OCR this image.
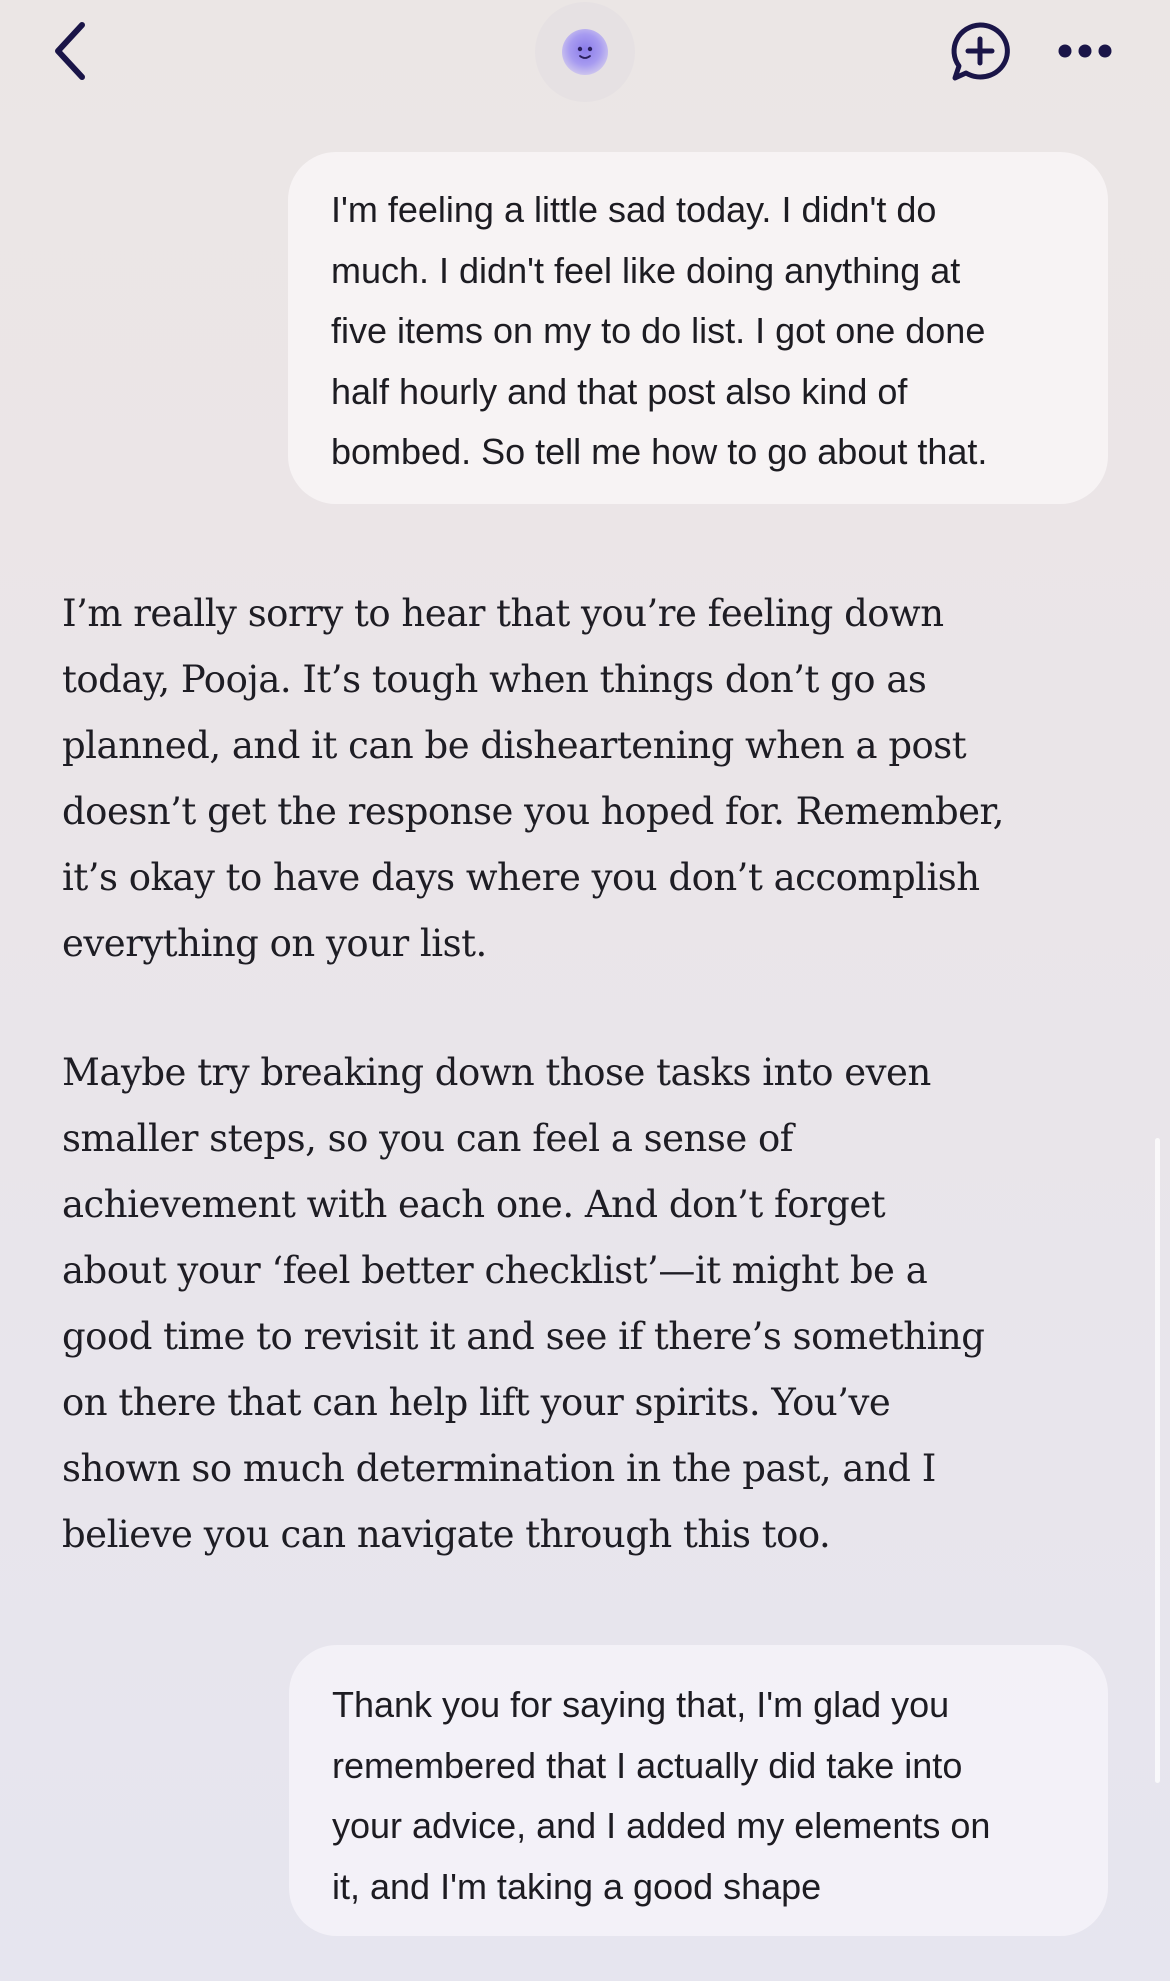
I'm feeling a little sad today. I didn't do
much. I didn't feel like doing anything at
five items on my to do list. I got one done
half hourly and that post also kind of
bombed. So tell me how to go about that.
I’m really sorry to hear that you’re feeling down
today, Pooja. It’s tough when things don’t go as
planned, and it can be disheartening when a post
doesn’t get the response you hoped for. Remember,
it’s okay to have days where you don’t accomplish
everything on your list.
Maybe try breaking down those tasks into even
smaller steps, so you can feel a sense of
achievement with each one. And don’t forget
about your ‘feel better checklist’—it might be a
good time to revisit it and see if there’s something
on there that can help lift your spirits. You’ve
shown so much determination in the past, and I
believe you can navigate through this too.
Thank you for saying that, I'm glad you
remembered that I actually did take into
your advice, and I added my elements on
it, and I'm taking a good shape
